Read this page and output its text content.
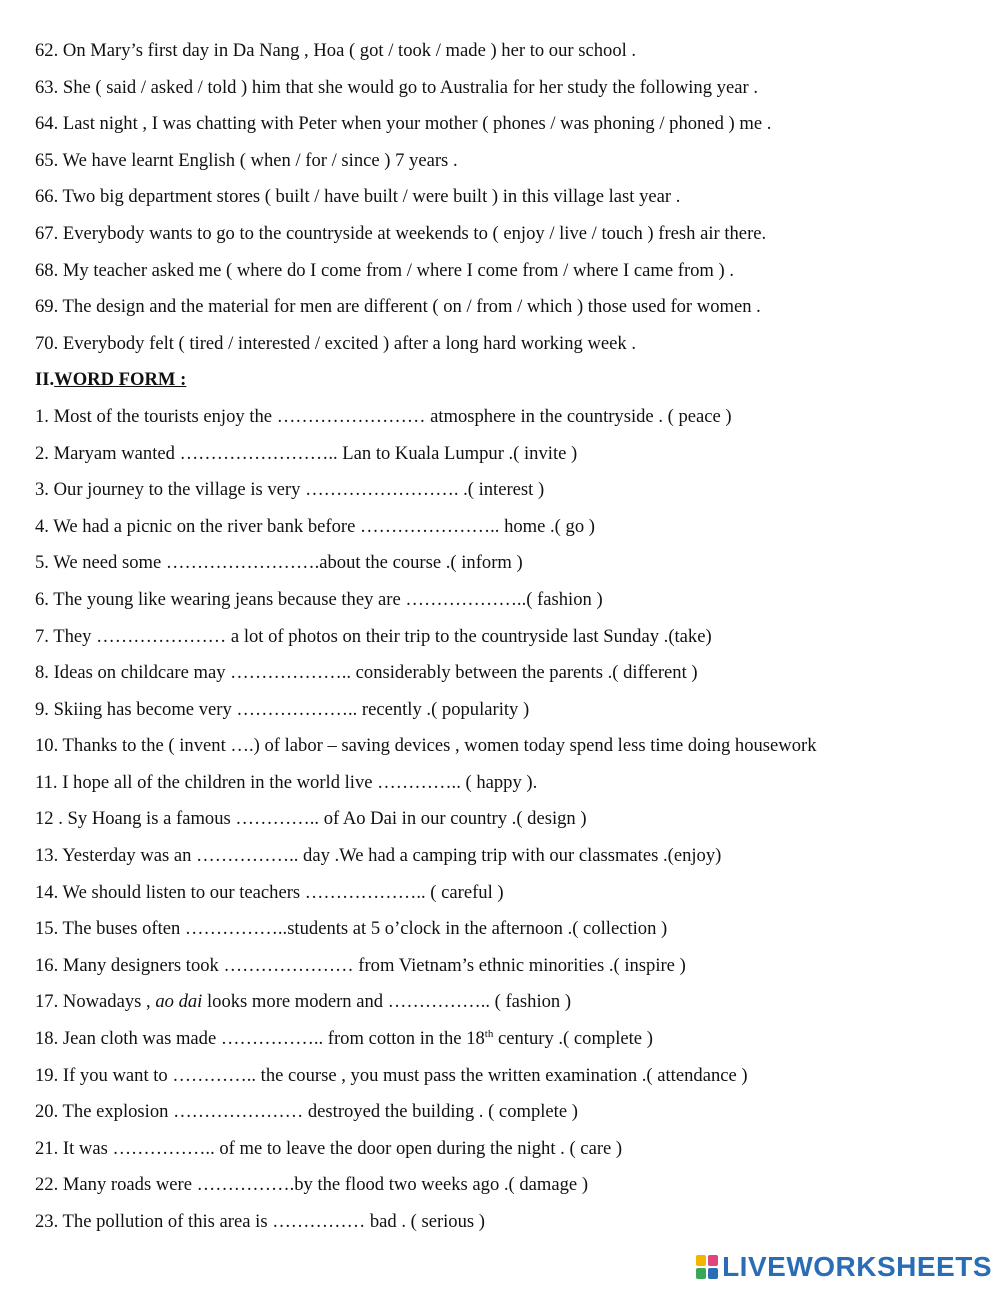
62. On Mary’s first day in Da Nang , Hoa ( got / took / made ) her to our school .
63. She ( said / asked / told ) him that she would go to Australia for her study the following year .
64. Last night , I was chatting with Peter when your mother ( phones / was phoning / phoned ) me .
65. We have learnt English ( when / for / since ) 7 years .
66. Two big department stores ( built / have built / were built ) in this village last year .
67. Everybody wants to go to the countryside at weekends to ( enjoy / live / touch ) fresh air there.
68. My teacher asked me ( where do I come from / where I come from / where I came from ) .
69. The design and the material for men are different ( on / from / which ) those used for women .
70. Everybody felt ( tired / interested / excited ) after a long hard working week .
II.WORD FORM :
1. Most of the tourists enjoy the …………………… atmosphere in the countryside . ( peace )
2. Maryam wanted …………………….. Lan to Kuala Lumpur .( invite )
3. Our journey to the village is very ……………………. .( interest )
4. We had a picnic on the river bank before ………………….. home .( go )
5. We need some …………………….about the course .( inform )
6. The young like wearing jeans because they are ………………..( fashion )
7. They ………………… a lot of photos on their trip to the countryside last Sunday .(take)
8. Ideas on childcare may ……………….. considerably between the parents .( different )
9. Skiing has become very ……………….. recently .( popularity )
10. Thanks to the ( invent ….) of labor – saving devices , women today spend less time doing housework
11. I hope all of the children in the world live ………….. ( happy ).
12 . Sy Hoang is a famous ………….. of Ao Dai in our country .( design )
13. Yesterday was an …………….. day .We had a camping trip with our classmates .(enjoy)
14. We should listen to our teachers ……………….. ( careful )
15. The buses often ……………..students at 5 o’clock in the afternoon .( collection )
16. Many designers took ………………… from Vietnam’s ethnic minorities .( inspire )
17. Nowadays , ao dai looks more modern and …………….. ( fashion )
18. Jean cloth was made …………….. from cotton in the 18th century .( complete )
19. If you want to ………….. the course , you must pass the written examination .( attendance )
20. The explosion ………………… destroyed the building . ( complete )
21. It was …………….. of me to leave the door open during the night . ( care )
22. Many roads were …………….by the flood two weeks ago .( damage )
23. The pollution of this area is …………… bad . ( serious )
LIVEWORKSHEETS
